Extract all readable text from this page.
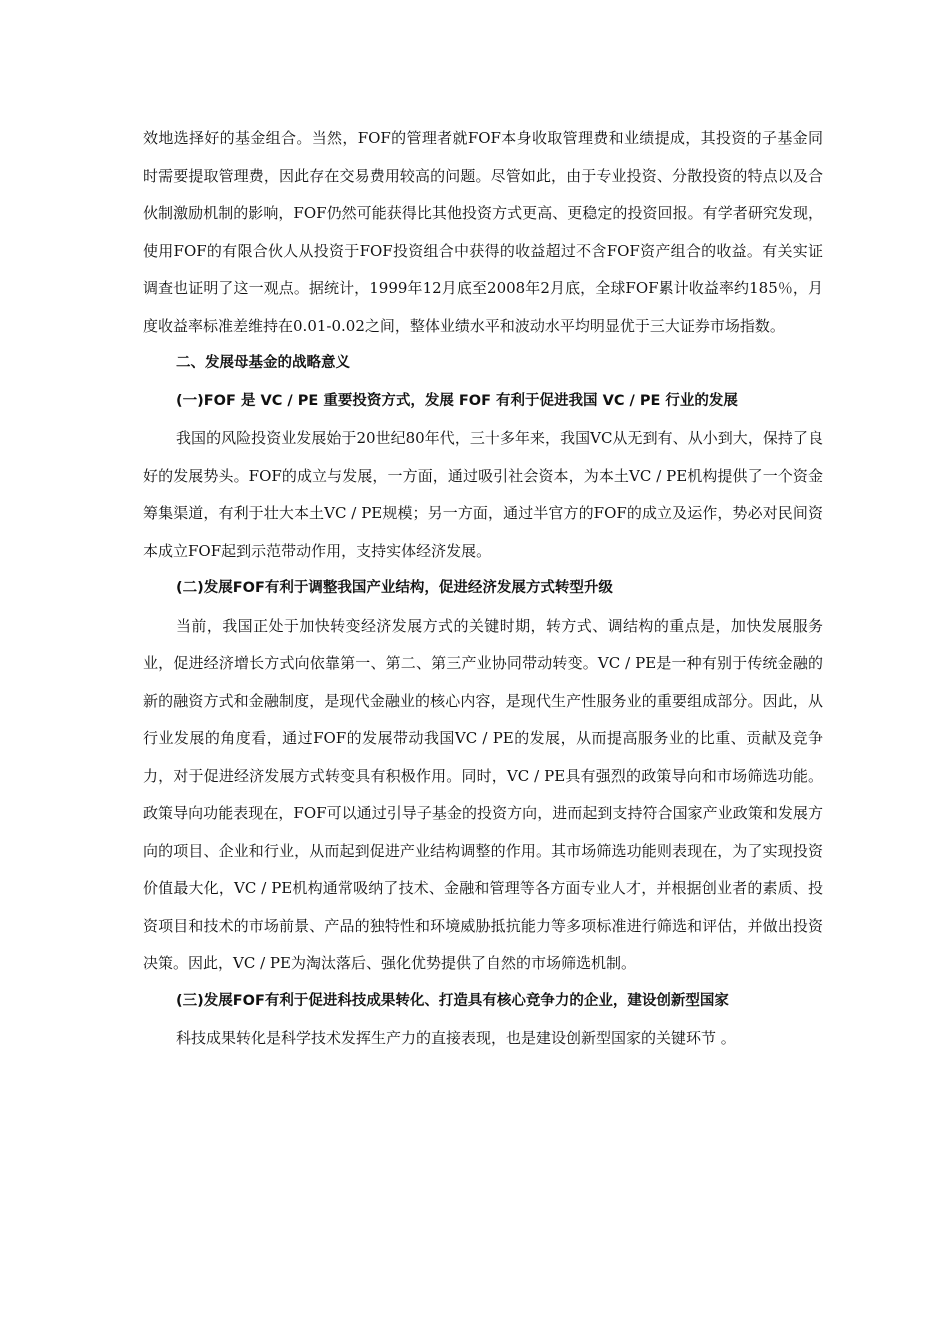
效地选择好的基金组合。当然，FOF的管理者就FOF本身收取管理费和业绩提成，其投资的子基金同时需要提取管理费，因此存在交易费用较高的问题。尽管如此，由于专业投资、分散投资的特点以及合伙制激励机制的影响，FOF仍然可能获得比其他投资方式更高、更稳定的投资回报。有学者研究发现，使用FOF的有限合伙人从投资于FOF投资组合中获得的收益超过不含FOF资产组合的收益。有关实证调查也证明了这一观点。据统计，1999年12月底至2008年2月底，全球FOF累计收益率约185％，月度收益率标准差维持在0.01-0.02之间，整体业绩水平和波动水平均明显优于三大证券市场指数。

二、发展母基金的战略意义

(一)FOF 是 VC / PE 重要投资方式，发展 FOF 有利于促进我国 VC / PE 行业的发展

我国的风险投资业发展始于20世纪80年代，三十多年来，我国VC从无到有、从小到大，保持了良好的发展势头。FOF的成立与发展，一方面，通过吸引社会资本，为本土VC / PE机构提供了一个资金筹集渠道，有利于壮大本土VC / PE规模；另一方面，通过半官方的FOF的成立及运作，势必对民间资本成立FOF起到示范带动作用，支持实体经济发展。

(二)发展FOF有利于调整我国产业结构，促进经济发展方式转型升级

当前，我国正处于加快转变经济发展方式的关键时期，转方式、调结构的重点是，加快发展服务业，促进经济增长方式向依靠第一、第二、第三产业协同带动转变。VC / PE是一种有别于传统金融的新的融资方式和金融制度，是现代金融业的核心内容，是现代生产性服务业的重要组成部分。因此，从行业发展的角度看，通过FOF的发展带动我国VC / PE的发展，从而提高服务业的比重、贡献及竞争力，对于促进经济发展方式转变具有积极作用。同时，VC / PE具有强烈的政策导向和市场筛选功能。政策导向功能表现在，FOF可以通过引导子基金的投资方向，进而起到支持符合国家产业政策和发展方向的项目、企业和行业，从而起到促进产业结构调整的作用。其市场筛选功能则表现在，为了实现投资价值最大化，VC / PE机构通常吸纳了技术、金融和管理等各方面专业人才，并根据创业者的素质、投资项目和技术的市场前景、产品的独特性和环境威胁抵抗能力等多项标准进行筛选和评估，并做出投资决策。因此，VC / PE为淘汰落后、强化优势提供了自然的市场筛选机制。

(三)发展FOF有利于促进科技成果转化、打造具有核心竞争力的企业，建设创新型国家

科技成果转化是科学技术发挥生产力的直接表现，也是建设创新型国家的关键环节 。
